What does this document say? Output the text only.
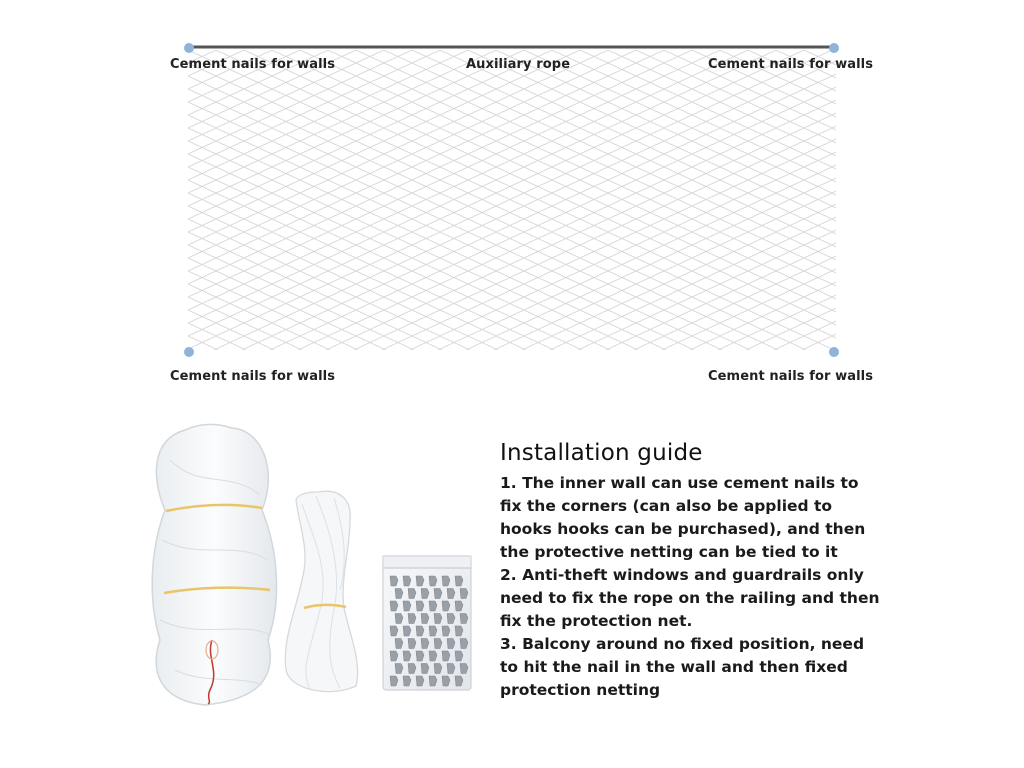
Cement nails for walls	Auxiliary rope	Cement nails for walls
Cement nails for walls	Cement nails for walls
Installation guide
1. The inner wall can use cement nails to fix the corners (can also be applied to hooks hooks can be purchased), and then the protective netting can be tied to it
2. Anti-theft windows and guardrails only need to fix the rope on the railing and then fix the protection net.
3. Balcony around no fixed position, need to hit the nail in the wall and then fixed protection netting
